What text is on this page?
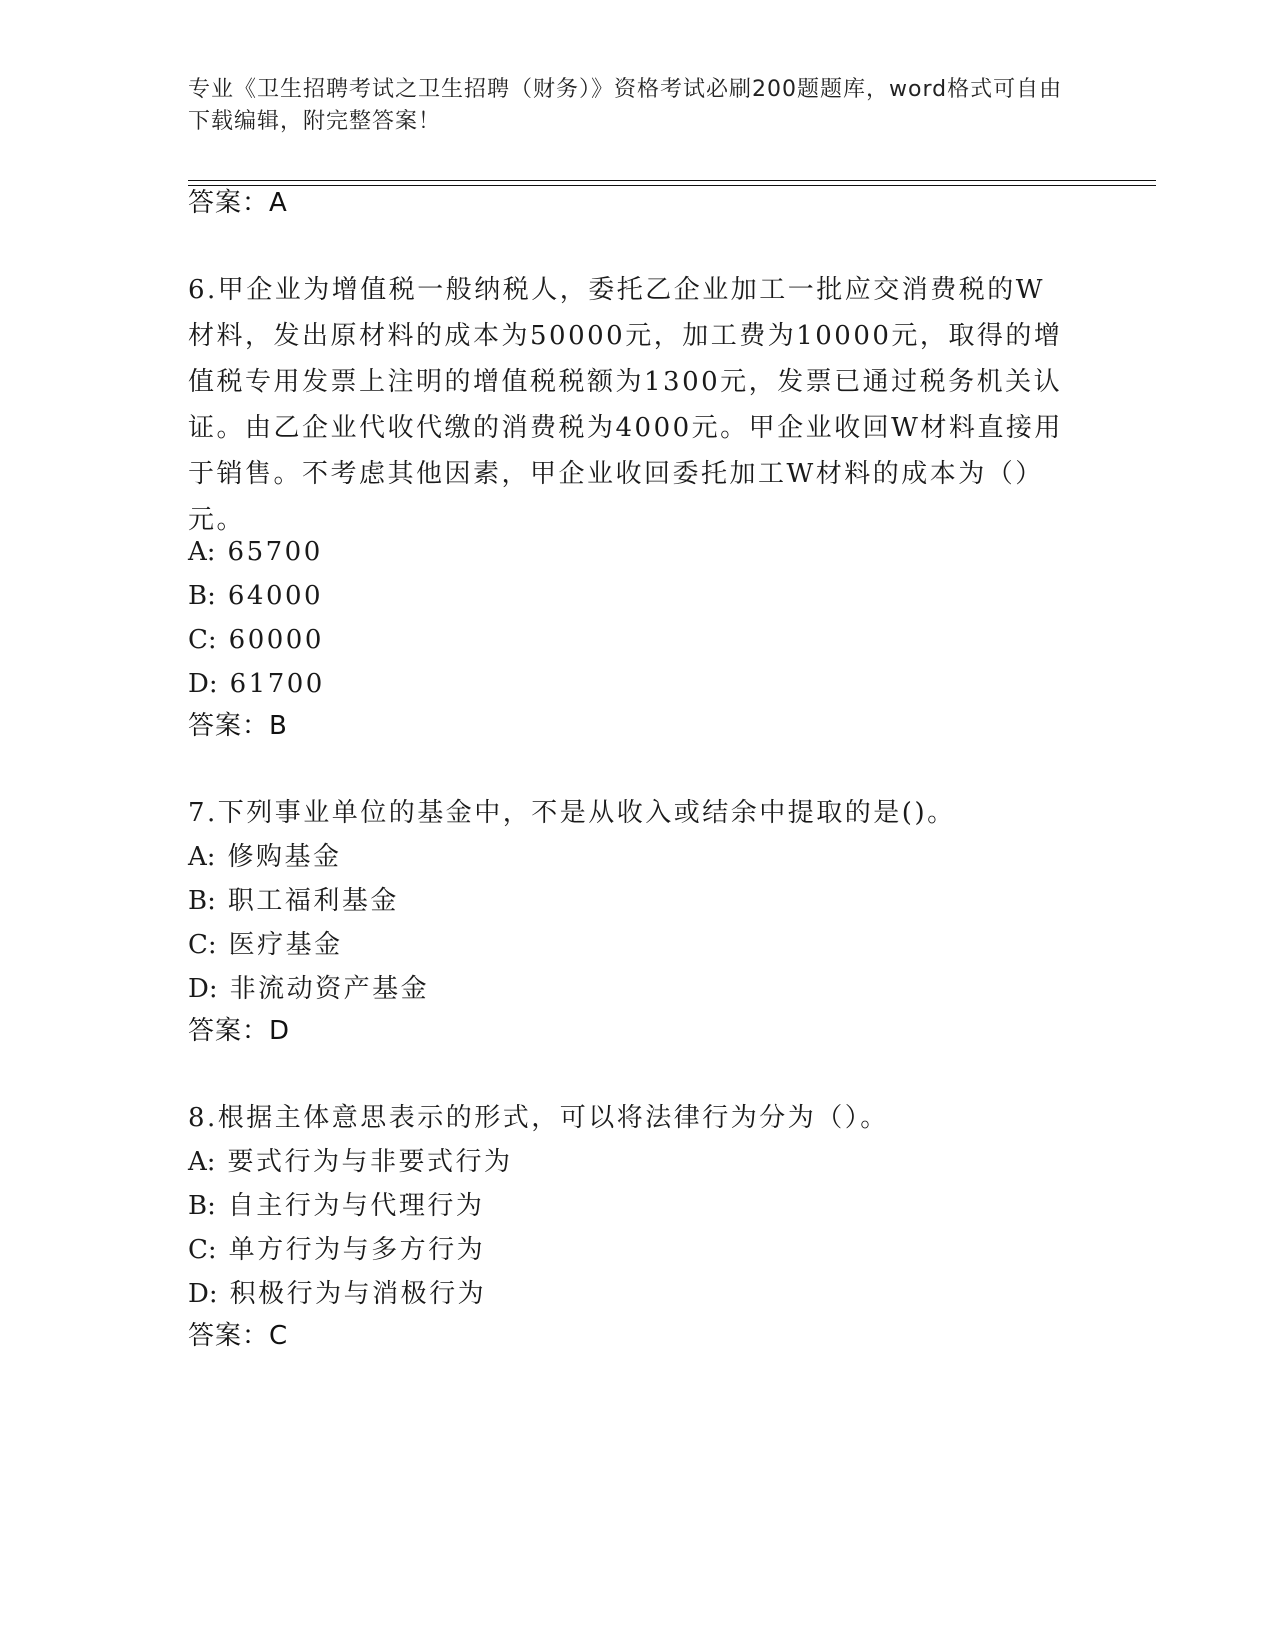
专业《卫生招聘考试之卫生招聘（财务）》资格考试必刷200题题库，word格式可自由下载编辑，附完整答案！
答案：A
6.甲企业为增值税一般纳税人，委托乙企业加工一批应交消费税的W材料，发出原材料的成本为50000元，加工费为10000元，取得的增值税专用发票上注明的增值税税额为1300元，发票已通过税务机关认证。由乙企业代收代缴的消费税为4000元。甲企业收回W材料直接用于销售。不考虑其他因素，甲企业收回委托加工W材料的成本为（）元。
A: 65700
B: 64000
C: 60000
D: 61700
答案：B
7.下列事业单位的基金中，不是从收入或结余中提取的是()。
A: 修购基金
B: 职工福利基金
C: 医疗基金
D: 非流动资产基金
答案：D
8.根据主体意思表示的形式，可以将法律行为分为（）。
A: 要式行为与非要式行为
B: 自主行为与代理行为
C: 单方行为与多方行为
D: 积极行为与消极行为
答案：C
